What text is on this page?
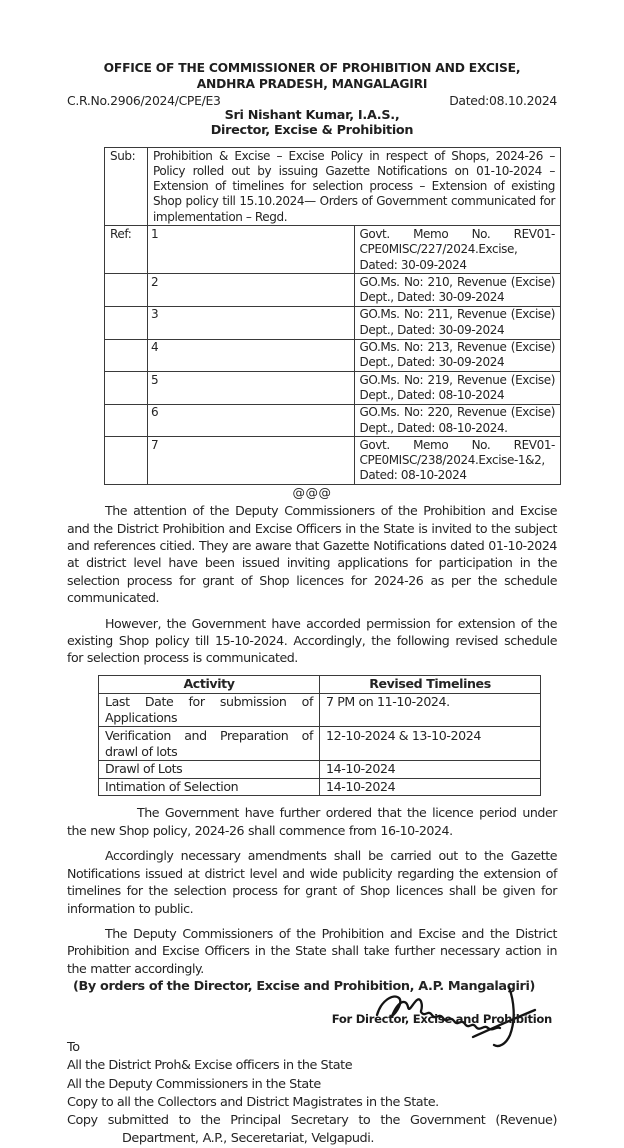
OFFICE OF THE COMMISSIONER OF PROHIBITION AND EXCISE,
ANDHRA PRADESH, MANGALAGIRI
C.R.No.2906/2024/CPE/E3	Dated:08.10.2024
Sri Nishant Kumar, I.A.S.,
Director, Excise & Prohibition
Sub:	Prohibition & Excise – Excise Policy in respect of Shops, 2024-26 – Policy rolled out by issuing Gazette Notifications on 01-10-2024 –Extension of timelines for selection process – Extension of existing Shop policy till 15.10.2024— Orders of Government communicated for implementation – Regd.	
Ref:	1	Govt. Memo No. REV01-CPE0MISC/227/2024.Excise, Dated: 30-09-2024
	2	GO.Ms. No: 210, Revenue (Excise) Dept., Dated: 30-09-2024
	3	GO.Ms. No: 211, Revenue (Excise) Dept., Dated: 30-09-2024
	4	GO.Ms. No: 213, Revenue (Excise) Dept., Dated: 30-09-2024
	5	GO.Ms. No: 219, Revenue (Excise) Dept., Dated: 08-10-2024
	6	GO.Ms. No: 220, Revenue (Excise) Dept., Dated: 08-10-2024.
	7	Govt. Memo No. REV01-CPE0MISC/238/2024.Excise-1&2, Dated: 08-10-2024
@@@

The attention of the Deputy Commissioners of the Prohibition and Excise and the District Prohibition and Excise Officers in the State is invited to the subject and references citied. They are aware that Gazette Notifications dated 01-10-2024 at district level have been issued inviting applications for participation in the selection process for grant of Shop licences for 2024-26 as per the schedule communicated.

However, the Government have accorded permission for extension of the existing Shop policy till 15-10-2024. Accordingly, the following revised schedule for selection process is communicated.

Activity	Revised Timelines
Last Date for submission of Applications	7 PM on 11-10-2024.
Verification and Preparation of drawl of lots	12-10-2024 & 13-10-2024
Drawl of Lots	14-10-2024
Intimation of Selection	14-10-2024

The Government have further ordered that the licence period under the new Shop policy, 2024-26 shall commence from 16-10-2024.

Accordingly necessary amendments shall be carried out to the Gazette Notifications issued at district level and wide publicity regarding the extension of timelines for the selection process for grant of Shop licences shall be given for information to public.

The Deputy Commissioners of the Prohibition and Excise and the District Prohibition and Excise Officers in the State shall take further necessary action in the matter accordingly.

(By orders of the Director, Excise and Prohibition, A.P. Mangalagiri)
For Director, Excise and Prohibition
To
All the District Proh& Excise officers in the State
All the Deputy Commissioners in the State
Copy to all the Collectors and District Magistrates in the State.
Copy submitted to the Principal Secretary to the Government (Revenue) Department, A.P., Seceretariat, Velgapudi.
